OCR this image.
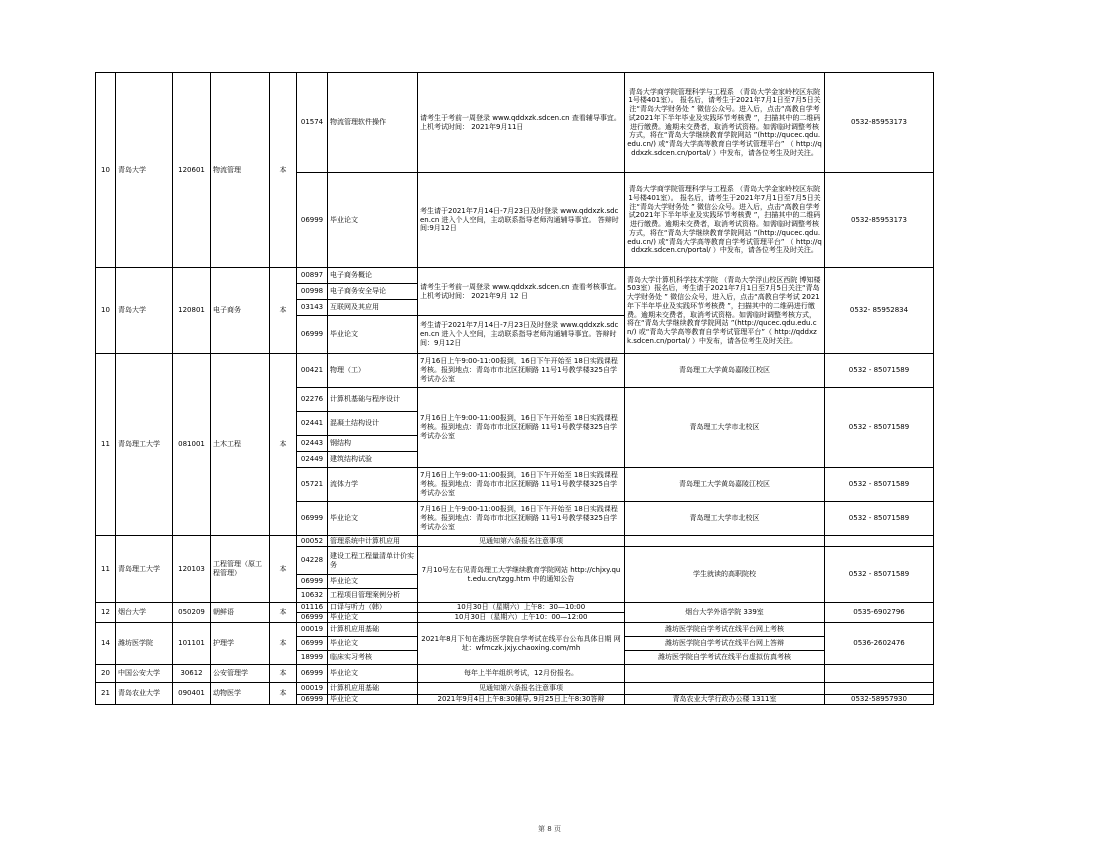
10	青岛大学	120601	物流管理	本	01574	物流管理软件操作	请考生于考前一周登录 www.qddxzk.sdcen.cn 查看辅导事宜。上机考试时间： 2021年9月11日	青岛大学商学院管理科学与工程系 （青岛大学金家岭校区东院1号楼401室）。 报名后，请考生于2021年7月1日至7月5日关注“青岛大学财务处 ” 微信公众号。进入后，点击“高教自学考试2021年下半年毕业及实践环节考核费 ”，扫描其中的二维码进行缴费。逾期未交费者，取消考试资格。如需临时调整考核方式，将在“青岛大学继续教育学院网站 ”(http://qucec.qdu.edu.cn/) 或“青岛大学高等教育自学考试管理平台” （ http://qddxzk.sdcen.cn/portal/ ）中发布，请各位考生及时关注。	0532-85953173
					06999	毕业论文	考生请于2021年7月14日-7月23日及时登录 www.qddxzk.sdcen.cn 进入个人空间，主动联系指导老师沟通辅导事宜。 答辩时间:9月12日	青岛大学商学院管理科学与工程系 （青岛大学金家岭校区东院1号楼401室）。 报名后，请考生于2021年7月1日至7月5日关注“青岛大学财务处 ” 微信公众号。进入后，点击“高教自学考试2021年下半年毕业及实践环节考核费 ”，扫描其中的二维码进行缴费。逾期未交费者，取消考试资格。如需临时调整考核方式，将在“青岛大学继续教育学院网站 ”(http://qucec.qdu.edu.cn/) 或“青岛大学高等教育自学考试管理平台” （ http://qddxzk.sdcen.cn/portal/ ）中发布，请各位考生及时关注。	0532-85953173
10	青岛大学	120801	电子商务	本	00897	电子商务概论	请考生于考前一周登录 www.qddxzk.sdcen.cn 查看考核事宜。上机考试时间： 2021年9月 12 日	青岛大学计算机科学技术学院 （青岛大学浮山校区西院 博知楼503室）报名后，考生请于2021年7月1日至7月5日关注“青岛大学财务处 ” 微信公众号，进入后，点击“高教自学考试 2021年下半年毕业及实践环节考核费 ”，扫描其中的二维码进行缴费。逾期未交费者，取消考试资格。如需临时调整考核方式，将在“青岛大学继续教育学院网站 ”(http://qucec.qdu.edu.cn/) 或“青岛大学高等教育自学考试管理平台”（ http://qddxzk.sdcen.cn/portal/ ）中发布，请各位考生及时关注。	0532- 85952834
					00998	电子商务安全导论			
					03143	互联网及其应用			
					06999	毕业论文	考生请于2021年7月14日-7月23日及时登录 www.qddxzk.sdcen.cn 进入个人空间，主动联系指导老师沟通辅导事宜。答辩时间：9月12日		
11	青岛理工大学	081001	土木工程	本	00421	物理（工）	7月16日上午9:00-11:00报到，16日下午开始至 18日实践课程考核。报到地点：青岛市市北区抚顺路 11号1号教学楼325自学考试办公室	青岛理工大学黄岛嘉陵江校区	0532 - 85071589
					02276	计算机基础与程序设计	7月16日上午9:00-11:00报到，16日下午开始至 18日实践课程考核。报到地点：青岛市市北区抚顺路 11号1号教学楼325自学考试办公室	青岛理工大学市北校区	0532 - 85071589
					02441	混凝土结构设计			
					02443	钢结构			
					02449	建筑结构试验			
					05721	流体力学	7月16日上午9:00-11:00报到，16日下午开始至 18日实践课程考核。报到地点：青岛市市北区抚顺路 11号1号教学楼325自学考试办公室	青岛理工大学黄岛嘉陵江校区	0532 - 85071589
					06999	毕业论文	7月16日上午9:00-11:00报到，16日下午开始至 18日实践课程考核。报到地点：青岛市市北区抚顺路 11号1号教学楼325自学考试办公室	青岛理工大学市北校区	0532 - 85071589
11	青岛理工大学	120103	工程管理（原工程管理）	本	00052	管理系统中计算机应用	见通知第六条报名注意事项		
					04228	建设工程工程量清单计价实务	7月10号左右见青岛理工大学继续教育学院网站 http://chjxy.qut.edu.cn/tzgg.htm 中的通知公告	学生就读的高职院校	0532 - 85071589
					06999	毕业论文			
					10632	工程项目管理案例分析			
12	烟台大学	050209	朝鲜语	本	01116	口译与听力（韩）	10月30日（星期六）上午8：30—10:00	烟台大学外语学院 339室	0535-6902796
					06999	毕业论文	10月30日（星期六）上午10：00—12:00		
14	潍坊医学院	101101	护理学	本	00019	计算机应用基础	2021年8月下旬在潍坊医学院自学考试在线平台公布具体日期 网址：wfmczk.jxjy.chaoxing.com/mh	潍坊医学院自学考试在线平台网上考核	0536-2602476
					06999	毕业论文		潍坊医学院自学考试在线平台网上答辩	
					18999	临床实习考核		潍坊医学院自学考试在线平台虚拟仿真考核	
20	中国公安大学	30612	公安管理学	本	06999	毕业论文	每年上半年组织考试，12月份报名。		
21	青岛农业大学	090401	动物医学	本	00019	计算机应用基础	见通知第六条报名注意事项		
					06999	毕业论文	2021年9月4日上午8:30辅导, 9月25日上午8:30答辩	青岛农业大学行政办公楼 1311室	0532-58957930
第 8 页
